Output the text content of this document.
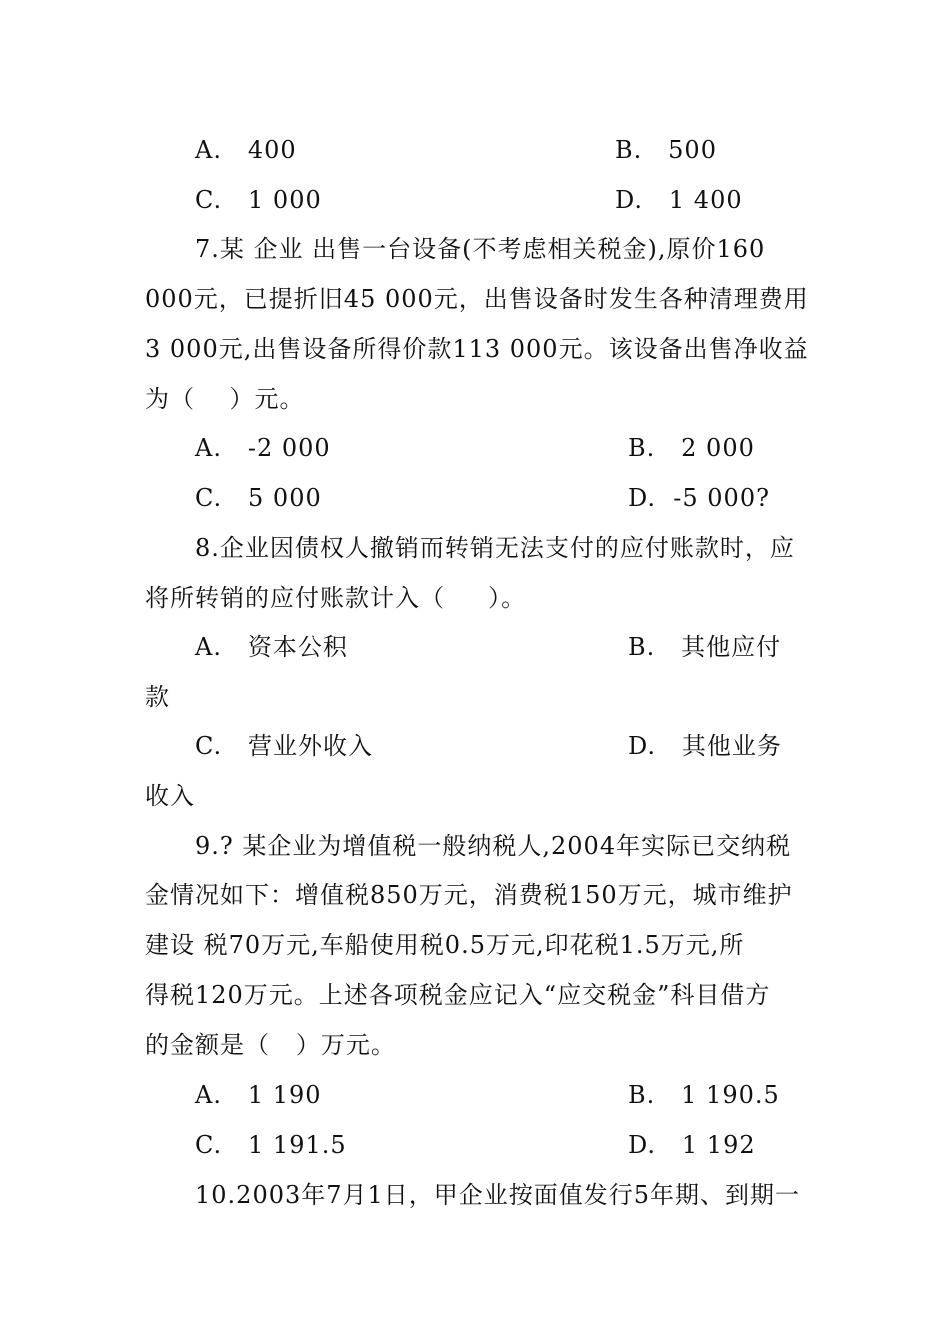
A.   400	B.   500
C.   1 000	D.   1 400
7.某 企业 出售一台设备(不考虑相关税金),原价160
000元，已提折旧45 000元，出售设备时发生各种清理费用
3 000元,出售设备所得价款113 000元。该设备出售净收益
为（    ）元。
A.   -2 000	B.   2 000
C.   5 000	D.  -5 000?
8.企业因债权人撤销而转销无法支付的应付账款时，应
将所转销的应付账款计入（     ）。
A.   资本公积	B.   其他应付
款
C.   营业外收入	D.   其他业务
收入
9.? 某企业为增值税一般纳税人,2004年实际已交纳税
金情况如下：增值税850万元，消费税150万元，城市维护
建设 税70万元,车船使用税0.5万元,印花税1.5万元,所
得税120万元。上述各项税金应记入“应交税金”科目借方
的金额是（   ）万元。
A.   1 190	B.   1 190.5
C.   1 191.5	D.   1 192
10.2003年7月1日，甲企业按面值发行5年期、到期一
